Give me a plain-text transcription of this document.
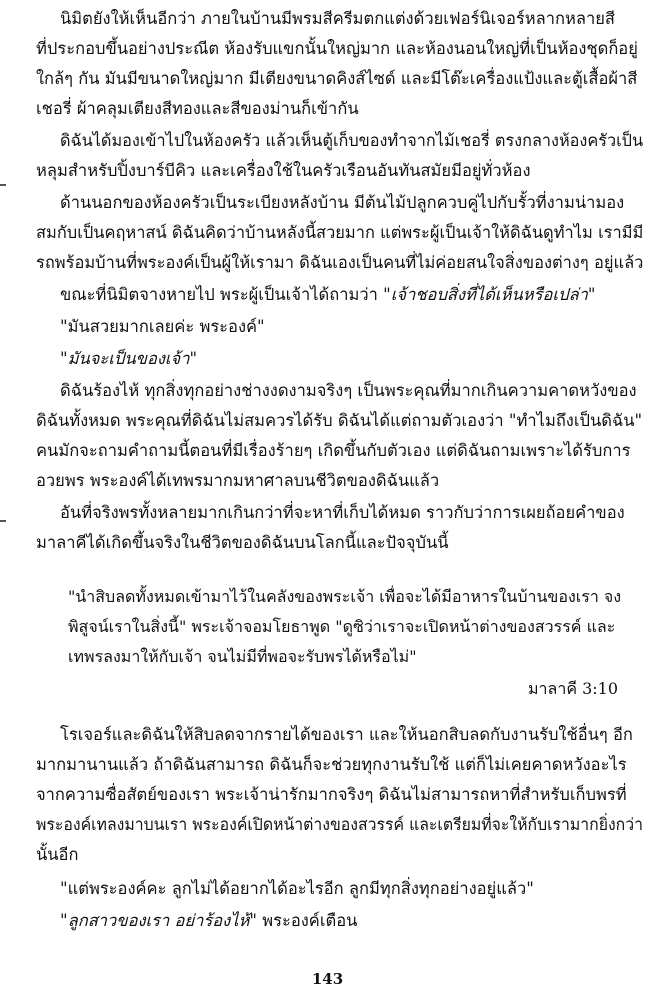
นิมิตยังให้เห็นอีกว่า ภายในบ้านมีพรมสีครีมตกแต่งด้วยเฟอร์นิเจอร์หลากหลายสี
ที่ประกอบขึ้นอย่างประณีต ห้องรับแขกนั้นใหญ่มาก และห้องนอนใหญ่ที่เป็นห้องชุดก็อยู่
ใกล้ๆ กัน มันมีขนาดใหญ่มาก มีเตียงขนาดคิงส์ไซด์ และมีโต๊ะเครื่องแป้งและตู้เสื้อผ้าสี
เชอรี่ ผ้าคลุมเตียงสีทองและสีของม่านก็เข้ากัน
ดิฉันได้มองเข้าไปในห้องครัว แล้วเห็นตู้เก็บของทำจากไม้เชอรี่ ตรงกลางห้องครัวเป็น
หลุมสำหรับปิ้งบาร์บีคิว และเครื่องใช้ในครัวเรือนอันทันสมัยมีอยู่ทั่วห้อง
ด้านนอกของห้องครัวเป็นระเบียงหลังบ้าน มีต้นไม้ปลูกควบคู่ไปกับรั้วที่งามน่ามอง
สมกับเป็นคฤหาสน์ ดิฉันคิดว่าบ้านหลังนี้สวยมาก แต่พระผู้เป็นเจ้าให้ดิฉันดูทำไม เรามีมี
รถพร้อมบ้านที่พระองค์เป็นผู้ให้เรามา ดิฉันเองเป็นคนที่ไม่ค่อยสนใจสิ่งของต่างๆ อยู่แล้ว
ขณะที่นิมิตจางหายไป พระผู้เป็นเจ้าได้ถามว่า "เจ้าชอบสิ่งที่ได้เห็นหรือเปล่า"
"มันสวยมากเลยค่ะ พระองค์"
"มันจะเป็นของเจ้า"
ดิฉันร้องไห้ ทุกสิ่งทุกอย่างช่างงดงามจริงๆ เป็นพระคุณที่มากเกินความคาดหวังของ
ดิฉันทั้งหมด พระคุณที่ดิฉันไม่สมควรได้รับ ดิฉันได้แต่ถามตัวเองว่า "ทำไมถึงเป็นดิฉัน"
คนมักจะถามคำถามนี้ตอนที่มีเรื่องร้ายๆ เกิดขึ้นกับตัวเอง แต่ดิฉันถามเพราะได้รับการ
อวยพร พระองค์ได้เทพรมากมหาศาลบนชีวิตของดิฉันแล้ว
อันที่จริงพรทั้งหลายมากเกินกว่าที่จะหาที่เก็บได้หมด ราวกับว่าการเผยถ้อยคำของ
มาลาคีได้เกิดขึ้นจริงในชีวิตของดิฉันบนโลกนี้และปัจจุบันนี้
"นำสิบลดทั้งหมดเข้ามาไว้ในคลังของพระเจ้า เพื่อจะได้มีอาหารในบ้านของเรา จง
พิสูจน์เราในสิ่งนี้" พระเจ้าจอมโยธาพูด "ดูซิว่าเราจะเปิดหน้าต่างของสวรรค์ และ
เทพรลงมาให้กับเจ้า จนไม่มีที่พอจะรับพรได้หรือไม่"
มาลาคี 3:10
โรเจอร์และดิฉันให้สิบลดจากรายได้ของเรา และให้นอกสิบลดกับงานรับใช้อื่นๆ อีก
มากมานานแล้ว ถ้าดิฉันสามารถ ดิฉันก็จะช่วยทุกงานรับใช้ แต่ก็ไม่เคยคาดหวังอะไร
จากความซื่อสัตย์ของเรา พระเจ้าน่ารักมากจริงๆ ดิฉันไม่สามารถหาที่สำหรับเก็บพรที่
พระองค์เทลงมาบนเรา พระองค์เปิดหน้าต่างของสวรรค์ และเตรียมที่จะให้กับเรามากยิ่งกว่า
นั้นอีก
"แต่พระองค์คะ ลูกไม่ได้อยากได้อะไรอีก ลูกมีทุกสิ่งทุกอย่างอยู่แล้ว"
"ลูกสาวของเรา อย่าร้องไห้" พระองค์เตือน
143
